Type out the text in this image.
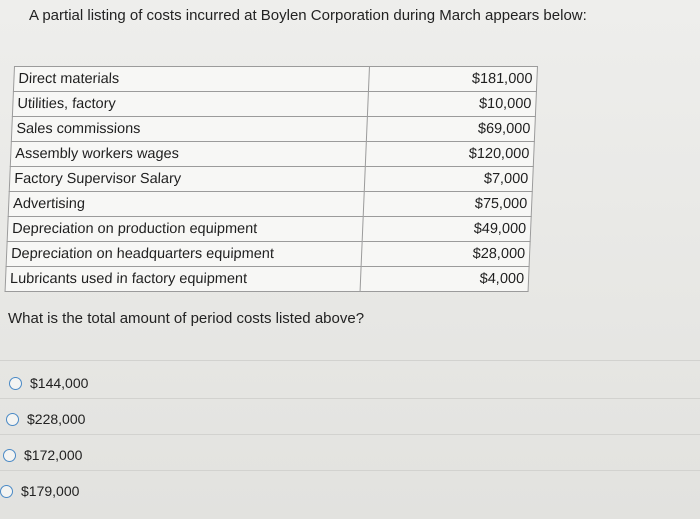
A partial listing of costs incurred at Boylen Corporation during March appears below:
Direct materials	$181,000
Utilities, factory	$10,000
Sales commissions	$69,000
Assembly workers wages	$120,000
Factory Supervisor Salary	$7,000
Advertising	$75,000
Depreciation on production equipment	$49,000
Depreciation on headquarters equipment	$28,000
Lubricants used in factory equipment	$4,000
What is the total amount of period costs listed above?
$144,000
$228,000
$172,000
$179,000
